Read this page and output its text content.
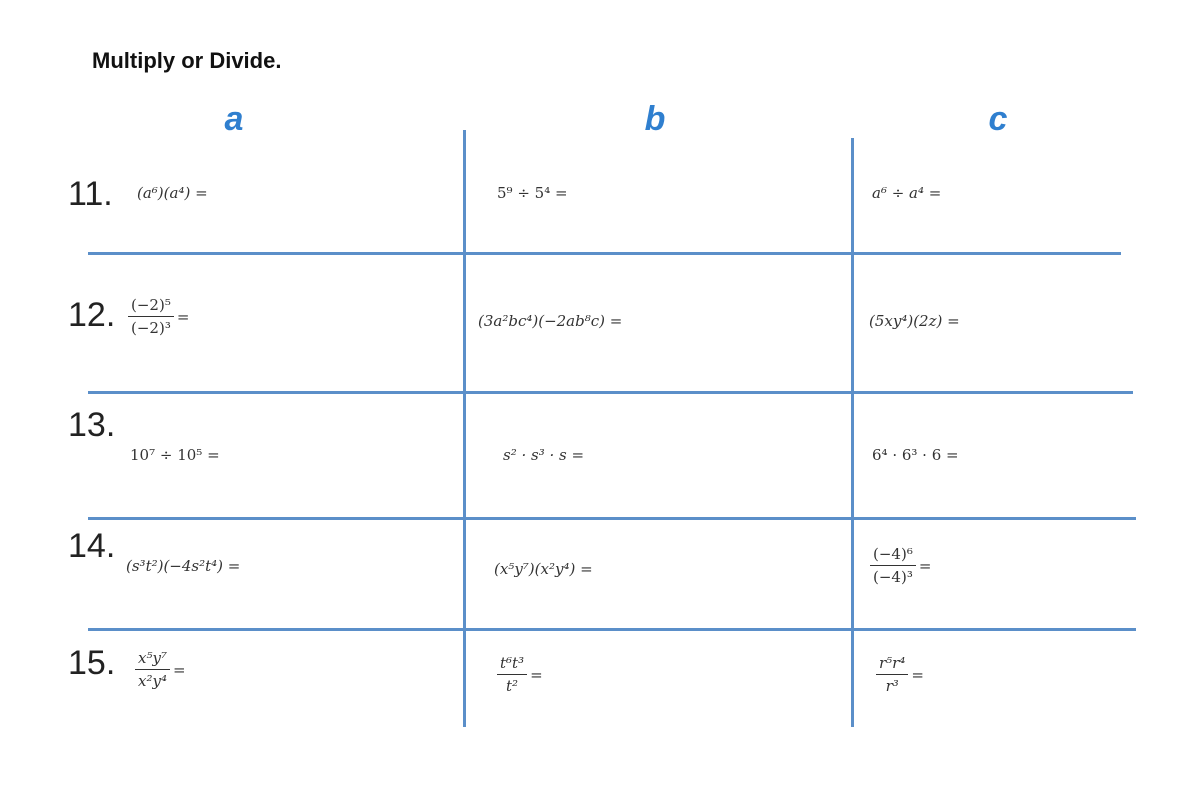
Multiply or Divide.
a	b	c
11. (a⁶)(a⁴) =	5⁹ ÷ 5⁴ =	a⁶ ÷ a⁴ =
12. $\frac{\text{(−2)⁵}}{\text{(−2)³}}$ =	(3a²bc⁴)(−2ab⁸c) =	(5xy⁴)(2z) =
13.
10⁷ ÷ 10⁵ =	s² · s³ · s =	6⁴ · 6³ · 6 =
14.
(s³t²)(−4s²t⁴) =	(x⁵y⁷)(x²y⁴) =	$\frac{\text{(−4)⁶}}{\text{(−4)³}}$ =
15. $\frac{\text{x⁵y⁷}}{\text{x²y⁴}}$ =	$\frac{\text{t⁶t³}}{\text{t²}}$ =	$\frac{\text{r⁵r⁴}}{\text{r³}}$ =
